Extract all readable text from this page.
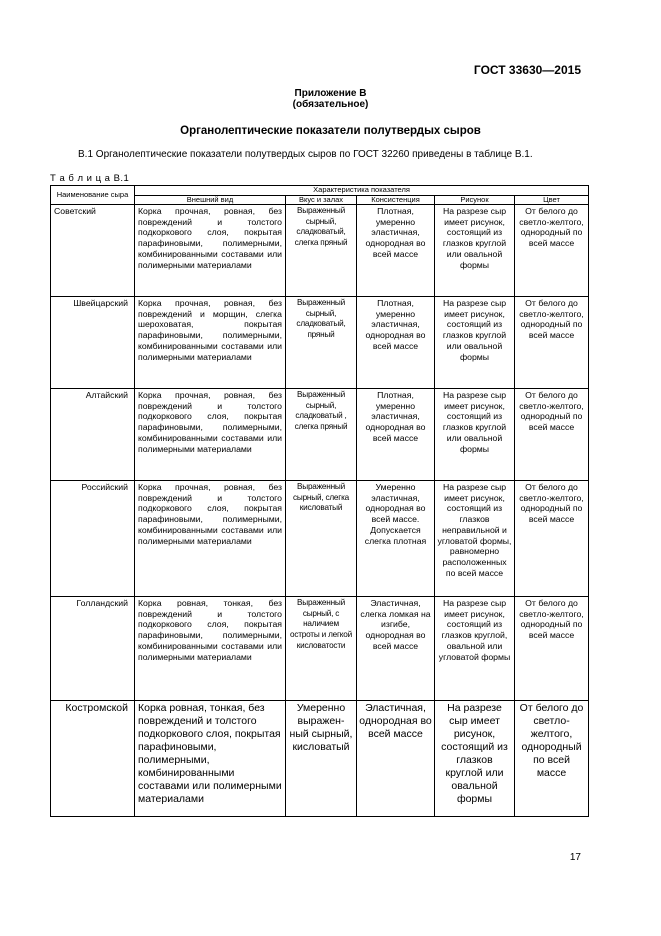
ГОСТ 33630—2015
Приложение В
(обязательное)
Органолептические показатели полутвердых сыров
В.1 Органолептические показатели полутвердых сыров по ГОСТ 32260 приведены в таблице В.1.
Т а б л и ц а В.1
Наименование сыра	Характеристика показателя				
	Внешний вид	Вкус и залах	Консистенция	Рисунок	Цвет
Советский	Корка прочная, ровная, без повреждений и толстого подкоркового слоя, покрытая парафиновыми, полимерными, комбинированными составами или полимерными материалами	Выраженный сырный, сладковатый, слегка пряный	Плотная, умеренно эластичная, однородная во всей массе	На разрезе сыр имеет рисунок, состоящий из глазков круглой или овальной формы	От белого до светло-желтого, однородный по всей массе
Швейцарский	Корка прочная, ровная, без повреждений и морщин, слегка шероховатая, покрытая парафиновыми, полимерными, комбинированными составами или полимерными материалами	Выраженный сырный, сладковатый, пряный	Плотная, умеренно эластичная, однородная во всей массе	На разрезе сыр имеет рисунок, состоящий из глазков круглой или овальной формы	От белого до светло-желтого, однородный по всей массе
Алтайский	Корка прочная, ровная, без повреждений и толстого подкоркового слоя, покрытая парафиновыми, полимерными, комбинированными составами или полимерными материалами	Выраженный сырный, сладковатый , слегка пряный	Плотная, умеренно эластичная, однородная во всей массе	На разрезе сыр имеет рисунок, состоящий из глазков круглой или овальной формы	От белого до светло-желтого, однородный по всей массе
Российский	Корка прочная, ровная, без повреждений и толстого подкоркового слоя, покрытая парафиновыми, полимерными, комбинированными составами или полимерными материалами	Выраженный сырный, слегка кисловатый	Умеренно эластичная, однородная во всей массе. Допускается слегка плотная	На разрезе сыр имеет рисунок, состоящий из глазков неправильной и угловатой формы, равномерно расположенных по всей массе	От белого до светло-желтого, однородный по всей массе
Голландский	Корка ровная, тонкая, без повреждений и толстого подкоркового слоя, покрытая парафиновыми, полимерными, комбинированными составами или полимерными материалами	Выраженный сырный, с наличием остроты и легкой кисловатости	Эластичная, слегка ломкая на изгибе, однородная во всей массе	На разрезе сыр имеет рисунок, состоящий из глазков круглой, овальной или угловатой формы	От белого до светло-желтого, однородный по всей массе
Костромской	Корка ровная, тонкая, без повреждений и толстого подкоркового слоя, покрытая парафиновыми, полимерными, комбинированными составами или полимерными материалами	Умеренно выражен-ный сырный, кисловатый	Эластичная, однородная во всей массе	На разрезе сыр имеет рисунок, состоящий из глазков круглой или овальной формы	От белого до светло-желтого, однородный по всей массе
17
